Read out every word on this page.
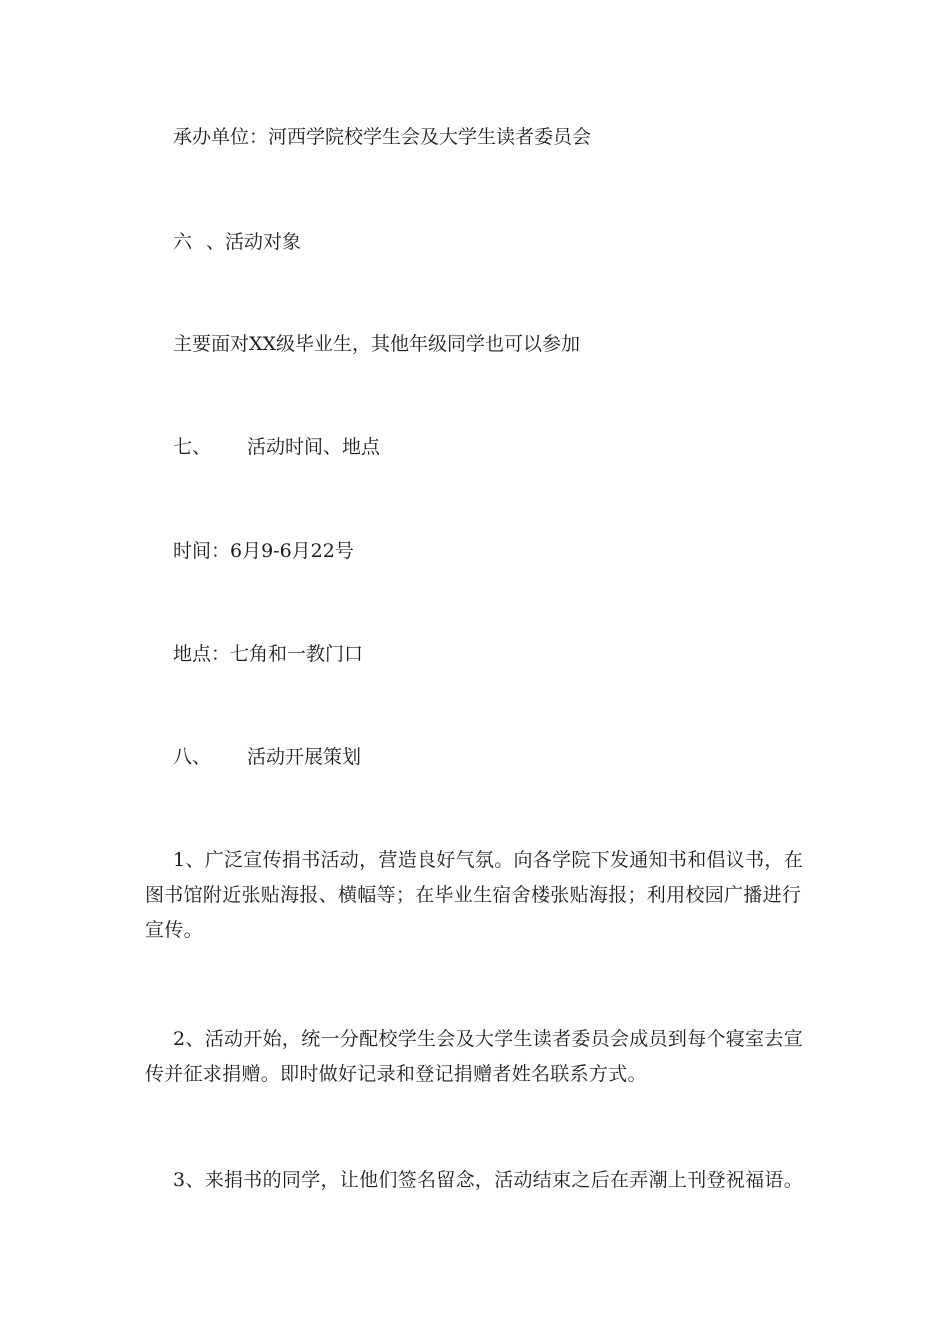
承办单位：河西学院校学生会及大学生读者委员会
六 、活动对象
主要面对XX级毕业生，其他年级同学也可以参加
七、 活动时间、地点
时间：6月9-6月22号
地点：七角和一教门口
八、 活动开展策划
1、广泛宣传捐书活动，营造良好气氛。向各学院下发通知书和倡议书，在图书馆附近张贴海报、横幅等；在毕业生宿舍楼张贴海报；利用校园广播进行宣传。
2、活动开始，统一分配校学生会及大学生读者委员会成员到每个寝室去宣传并征求捐赠。即时做好记录和登记捐赠者姓名联系方式。
3、来捐书的同学，让他们签名留念，活动结束之后在弄潮上刊登祝福语。
